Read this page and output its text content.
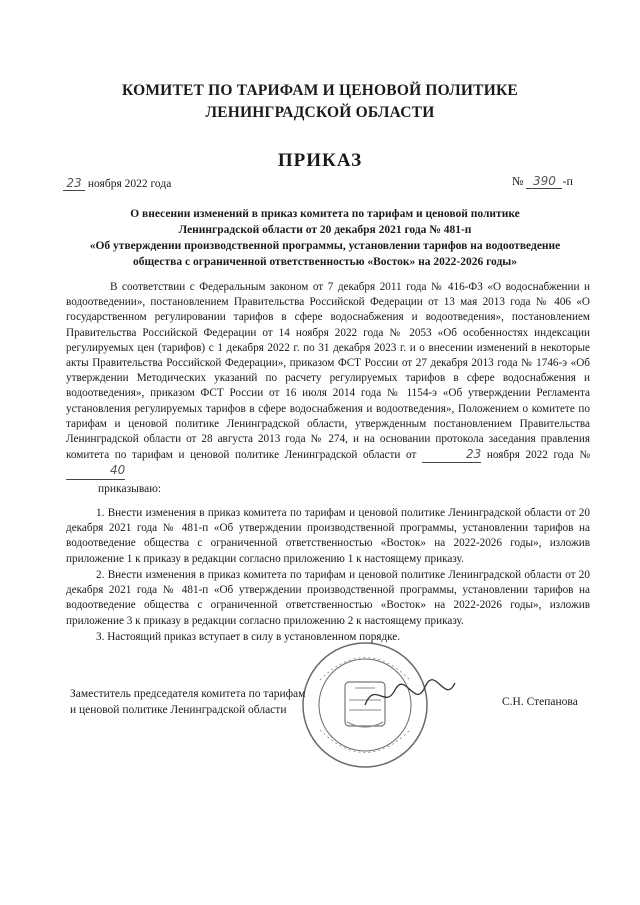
КОМИТЕТ ПО ТАРИФАМ И ЦЕНОВОЙ ПОЛИТИКЕ
ЛЕНИНГРАДСКОЙ ОБЛАСТИ
ПРИКАЗ
23 ноября 2022 года	№ 390 -п
О внесении изменений в приказ комитета по тарифам и ценовой политике
Ленинградской области от 20 декабря 2021 года № 481-п
«Об утверждении производственной программы, установлении тарифов на водоотведение
общества с ограниченной ответственностью «Восток» на 2022-2026 годы»
В соответствии с Федеральным законом от 7 декабря 2011 года № 416-ФЗ «О водоснабжении и водоотведении», постановлением Правительства Российской Федерации от 13 мая 2013 года № 406 «О государственном регулировании тарифов в сфере водоснабжения и водоотведения», постановлением Правительства Российской Федерации от 14 ноября 2022 года № 2053 «Об особенностях индексации регулируемых цен (тарифов) с 1 декабря 2022 г. по 31 декабря 2023 г. и о внесении изменений в некоторые акты Правительства Российской Федерации», приказом ФСТ России от 27 декабря 2013 года № 1746-э «Об утверждении Методических указаний по расчету регулируемых тарифов в сфере водоснабжения и водоотведения», приказом ФСТ России от 16 июля 2014 года № 1154-э «Об утверждении Регламента установления регулируемых тарифов в сфере водоснабжения и водоотведения», Положением о комитете по тарифам и ценовой политике Ленинградской области, утвержденным постановлением Правительства Ленинградской области от 28 августа 2013 года № 274, и на основании протокола заседания правления комитета по тарифам и ценовой политике Ленинградской области от	23 ноября 2022 года № 40
приказываю:
1. Внести изменения в приказ комитета по тарифам и ценовой политике Ленинградской области от 20 декабря 2021 года № 481-п «Об утверждении производственной программы, установлении тарифов на водоотведение общества с ограниченной ответственностью «Восток» на 2022-2026 годы», изложив приложение 1 к приказу в редакции согласно приложению 1 к настоящему приказу.
2. Внести изменения в приказ комитета по тарифам и ценовой политике Ленинградской области от 20 декабря 2021 года № 481-п «Об утверждении производственной программы, установлении тарифов на водоотведение общества с ограниченной ответственностью «Восток» на 2022-2026 годы», изложив приложение 3 к приказу в редакции согласно приложению 2 к настоящему приказу.
3. Настоящий приказ вступает в силу в установленном порядке.
Заместитель председателя комитета по тарифам
и ценовой политике Ленинградской области
С.Н. Степанова
